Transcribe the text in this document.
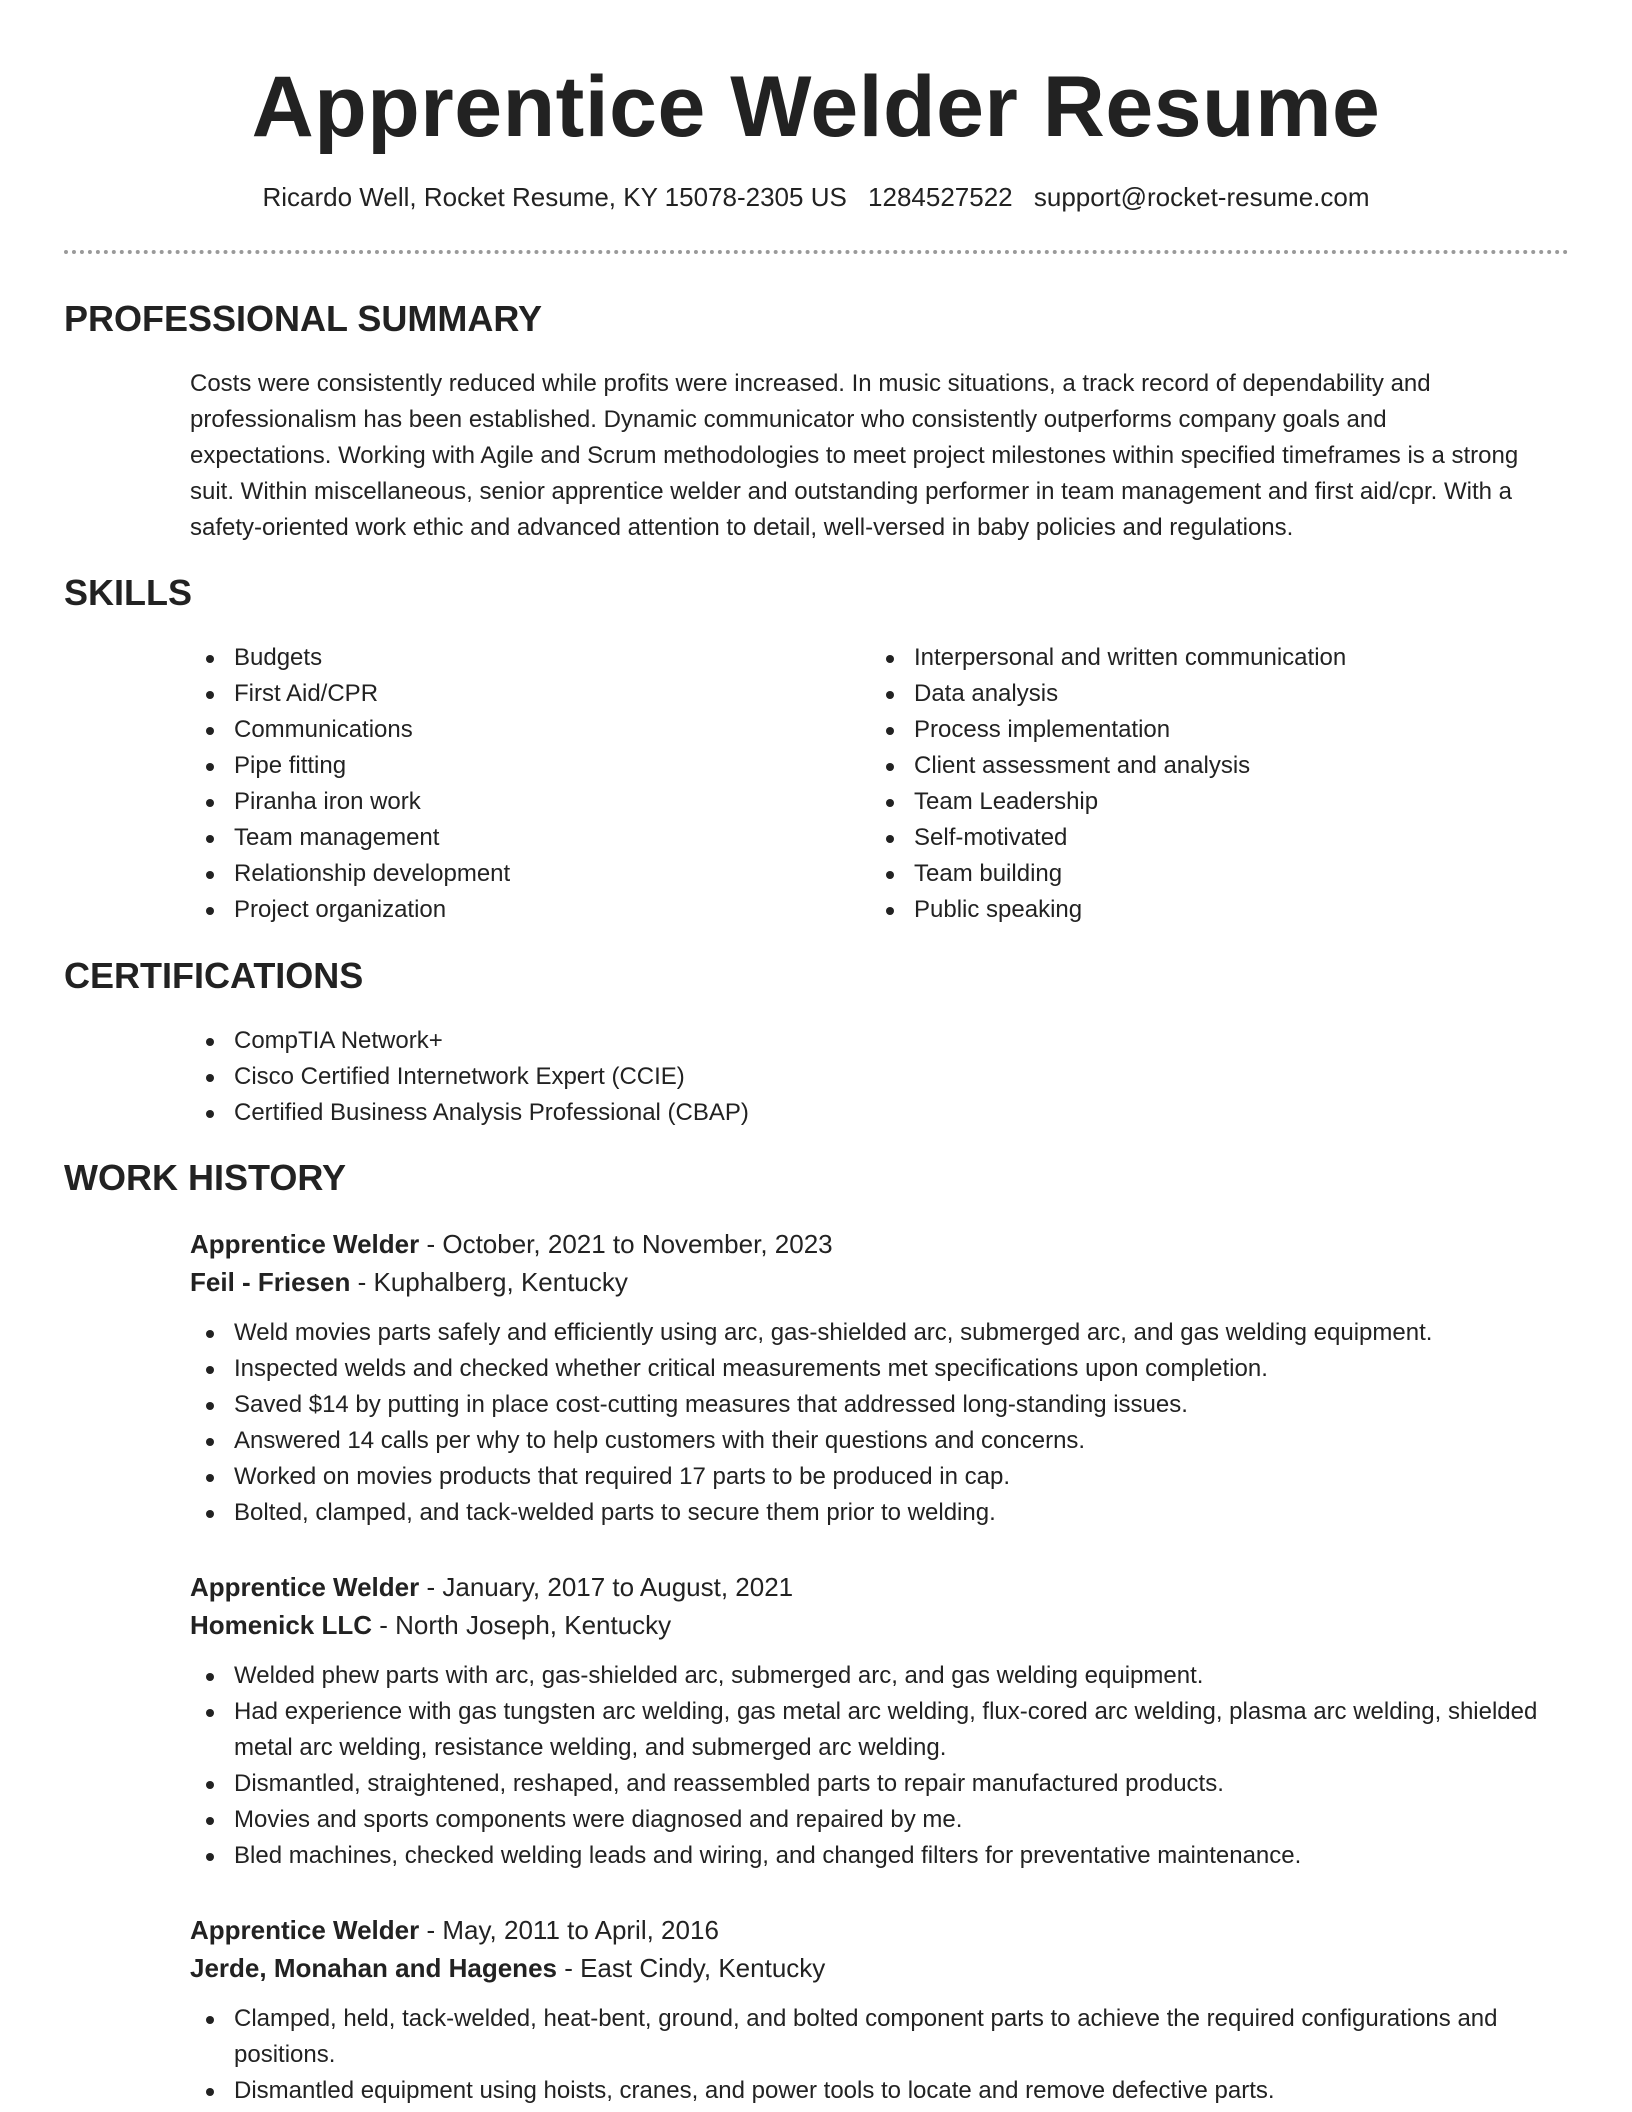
Apprentice Welder Resume
Ricardo Well, Rocket Resume, KY 15078-2305 US 1284527522 support@rocket-resume.com
PROFESSIONAL SUMMARY

Costs were consistently reduced while profits were increased. In music situations, a track record of dependability and professionalism has been established. Dynamic communicator who consistently outperforms company goals and expectations. Working with Agile and Scrum methodologies to meet project milestones within specified timeframes is a strong suit. Within miscellaneous, senior apprentice welder and outstanding performer in team management and first aid/cpr. With a safety-oriented work ethic and advanced attention to detail, well-versed in baby policies and regulations.

SKILLS
Budgets
First Aid/CPR
Communications
Pipe fitting
Piranha iron work
Team management
Relationship development
Project organization
Interpersonal and written communication
Data analysis
Process implementation
Client assessment and analysis
Team Leadership
Self-motivated
Team building
Public speaking
CERTIFICATIONS
CompTIA Network+
Cisco Certified Internetwork Expert (CCIE)
Certified Business Analysis Professional (CBAP)
WORK HISTORY
Apprentice Welder - October, 2021 to November, 2023
Feil - Friesen - Kuphalberg, Kentucky
Weld movies parts safely and efficiently using arc, gas-shielded arc, submerged arc, and gas welding equipment.
Inspected welds and checked whether critical measurements met specifications upon completion.
Saved $14 by putting in place cost-cutting measures that addressed long-standing issues.
Answered 14 calls per why to help customers with their questions and concerns.
Worked on movies products that required 17 parts to be produced in cap.
Bolted, clamped, and tack-welded parts to secure them prior to welding.
Apprentice Welder - January, 2017 to August, 2021
Homenick LLC - North Joseph, Kentucky
Welded phew parts with arc, gas-shielded arc, submerged arc, and gas welding equipment.
Had experience with gas tungsten arc welding, gas metal arc welding, flux-cored arc welding, plasma arc welding, shielded metal arc welding, resistance welding, and submerged arc welding.
Dismantled, straightened, reshaped, and reassembled parts to repair manufactured products.
Movies and sports components were diagnosed and repaired by me.
Bled machines, checked welding leads and wiring, and changed filters for preventative maintenance.
Apprentice Welder - May, 2011 to April, 2016
Jerde, Monahan and Hagenes - East Cindy, Kentucky
Clamped, held, tack-welded, heat-bent, ground, and bolted component parts to achieve the required configurations and positions.
Dismantled equipment using hoists, cranes, and power tools to locate and remove defective parts.
